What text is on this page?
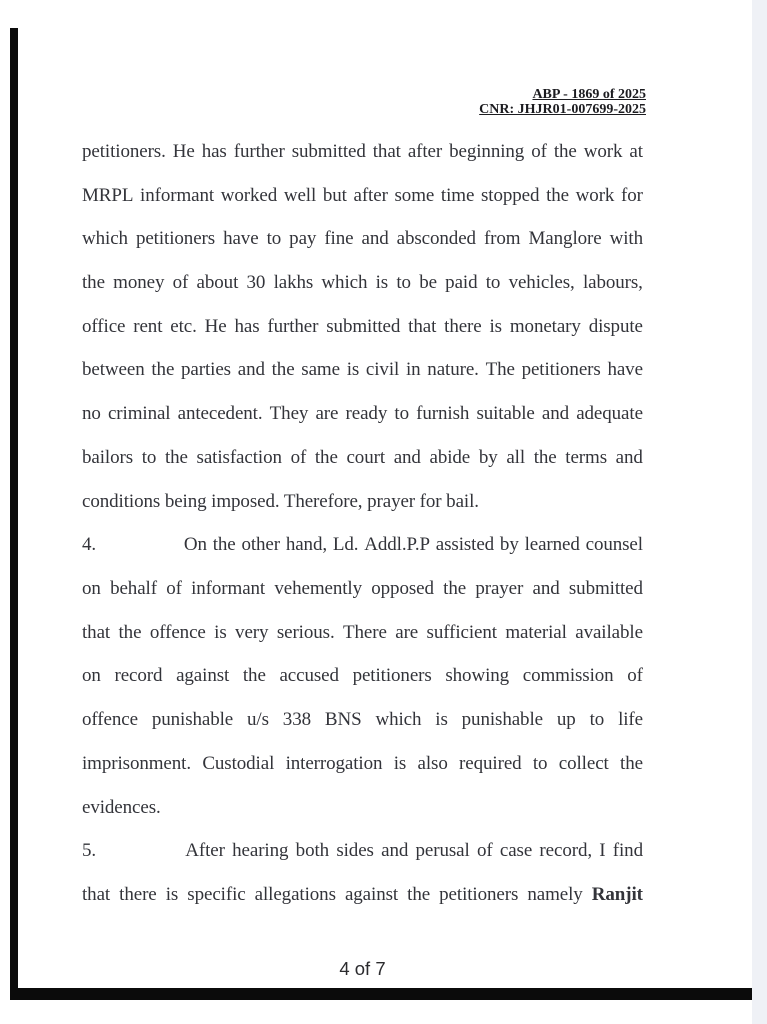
ABP - 1869 of 2025
CNR: JHJR01-007699-2025
petitioners. He has further submitted that after beginning of the work at
MRPL informant worked well but after some time stopped the work for
which petitioners have to pay fine and absconded from Manglore with
the money of about 30 lakhs which is to be paid to vehicles, labours,
office rent etc. He has further submitted that there is monetary dispute
between the parties and the same is civil in nature. The petitioners have
no criminal antecedent. They are ready to furnish suitable and adequate
bailors to the satisfaction of the court and abide by all the terms and
conditions being imposed. Therefore, prayer for bail.
4.	On the other hand, Ld. Addl.P.P assisted by learned counsel
on behalf of informant vehemently opposed the prayer and submitted
that the offence is very serious. There are sufficient material available
on record against the accused petitioners showing commission of
offence punishable u/s 338 BNS which is punishable up to life
imprisonment. Custodial interrogation is also required to collect the
evidences.
5.	After hearing both sides and perusal of case record, I find
that there is specific allegations against the petitioners namely Ranjit
4 of 7
